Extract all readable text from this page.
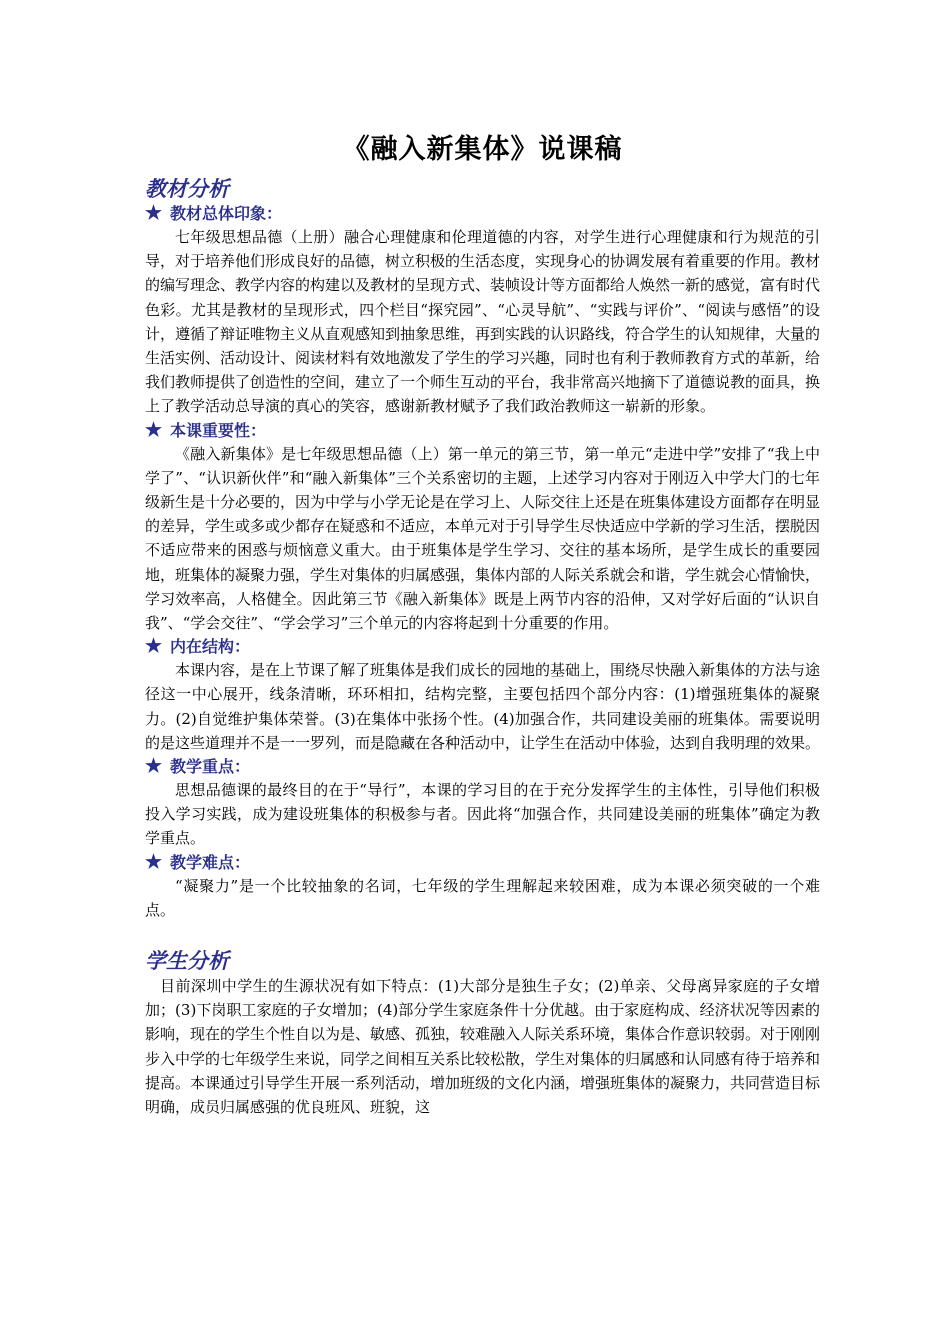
《融入新集体》说课稿
教材分析
★ 教材总体印象：

七年级思想品德（上册）融合心理健康和伦理道德的内容，对学生进行心理健康和行为规范的引导，对于培养他们形成良好的品德，树立积极的生活态度，实现身心的协调发展有着重要的作用。教材的编写理念、教学内容的构建以及教材的呈现方式、装帧设计等方面都给人焕然一新的感觉，富有时代色彩。尤其是教材的呈现形式，四个栏目“探究园”、“心灵导航”、“实践与评价”、“阅读与感悟”的设计，遵循了辩证唯物主义从直观感知到抽象思维，再到实践的认识路线，符合学生的认知规律，大量的生活实例、活动设计、阅读材料有效地激发了学生的学习兴趣，同时也有利于教师教育方式的革新，给我们教师提供了创造性的空间，建立了一个师生互动的平台，我非常高兴地摘下了道德说教的面具，换上了教学活动总导演的真心的笑容，感谢新教材赋予了我们政治教师这一崭新的形象。

★ 本课重要性：

《融入新集体》是七年级思想品德（上）第一单元的第三节，第一单元“走进中学”安排了“我上中学了”、“认识新伙伴”和“融入新集体”三个关系密切的主题，上述学习内容对于刚迈入中学大门的七年级新生是十分必要的，因为中学与小学无论是在学习上、人际交往上还是在班集体建设方面都存在明显的差异，学生或多或少都存在疑惑和不适应，本单元对于引导学生尽快适应中学新的学习生活，摆脱因不适应带来的困惑与烦恼意义重大。由于班集体是学生学习、交往的基本场所，是学生成长的重要园地，班集体的凝聚力强，学生对集体的归属感强，集体内部的人际关系就会和谐，学生就会心情愉快，学习效率高，人格健全。因此第三节《融入新集体》既是上两节内容的沿伸，又对学好后面的“认识自我”、“学会交往”、“学会学习”三个单元的内容将起到十分重要的作用。

★ 内在结构：

本课内容，是在上节课了解了班集体是我们成长的园地的基础上，围绕尽快融入新集体的方法与途径这一中心展开，线条清晰，环环相扣，结构完整，主要包括四个部分内容：(1)增强班集体的凝聚力。(2)自觉维护集体荣誉。(3)在集体中张扬个性。(4)加强合作，共同建设美丽的班集体。需要说明的是这些道理并不是一一罗列，而是隐藏在各种活动中，让学生在活动中体验，达到自我明理的效果。

★ 教学重点：

思想品德课的最终目的在于“导行”，本课的学习目的在于充分发挥学生的主体性，引导他们积极投入学习实践，成为建设班集体的积极参与者。因此将“加强合作，共同建设美丽的班集体”确定为教学重点。

★ 教学难点：

“凝聚力”是一个比较抽象的名词，七年级的学生理解起来较困难，成为本课必须突破的一个难点。

学生分析

目前深圳中学生的生源状况有如下特点：(1)大部分是独生子女；(2)单亲、父母离异家庭的子女增加；(3)下岗职工家庭的子女增加；(4)部分学生家庭条件十分优越。由于家庭构成、经济状况等因素的影响，现在的学生个性自以为是、敏感、孤独，较难融入人际关系环境，集体合作意识较弱。对于刚刚步入中学的七年级学生来说，同学之间相互关系比较松散，学生对集体的归属感和认同感有待于培养和提高。本课通过引导学生开展一系列活动，增加班级的文化内涵，增强班集体的凝聚力，共同营造目标明确，成员归属感强的优良班风、班貌，这
